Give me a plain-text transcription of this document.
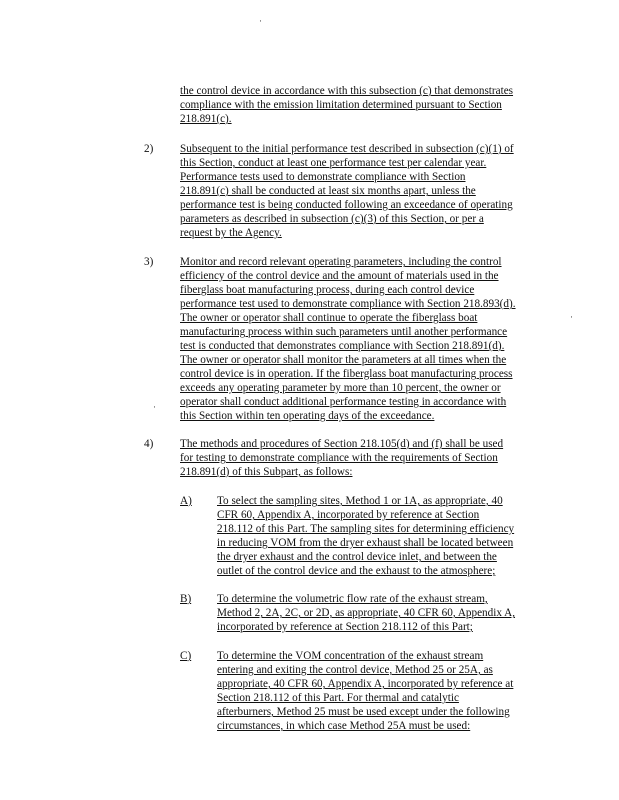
·
·
·
the control device in accordance with this subsection (c) that demonstrates
compliance with the emission limitation determined pursuant to Section
218.891(c).
2) Subsequent to the initial performance test described in subsection (c)(1) of
this Section, conduct at least one performance test per calendar year.
Performance tests used to demonstrate compliance with Section
218.891(c) shall be conducted at least six months apart, unless the
performance test is being conducted following an exceedance of operating
parameters as described in subsection (c)(3) of this Section, or per a
request by the Agency.
3) Monitor and record relevant operating parameters, including the control
efficiency of the control device and the amount of materials used in the
fiberglass boat manufacturing process, during each control device
performance test used to demonstrate compliance with Section 218.893(d).
The owner or operator shall continue to operate the fiberglass boat
manufacturing process within such parameters until another performance
test is conducted that demonstrates compliance with Section 218.891(d).
The owner or operator shall monitor the parameters at all times when the
control device is in operation. If the fiberglass boat manufacturing process
exceeds any operating parameter by more than 10 percent, the owner or
operator shall conduct additional performance testing in accordance with
this Section within ten operating days of the exceedance.
4) The methods and procedures of Section 218.105(d) and (f) shall be used
for testing to demonstrate compliance with the requirements of Section
218.891(d) of this Subpart, as follows:
A) To select the sampling sites, Method 1 or 1A, as appropriate, 40
CFR 60, Appendix A, incorporated by reference at Section
218.112 of this Part. The sampling sites for determining efficiency
in reducing VOM from the dryer exhaust shall be located between
the dryer exhaust and the control device inlet, and between the
outlet of the control device and the exhaust to the atmosphere;
B) To determine the volumetric flow rate of the exhaust stream,
Method 2, 2A, 2C, or 2D, as appropriate, 40 CFR 60, Appendix A,
incorporated by reference at Section 218.112 of this Part;
C) To determine the VOM concentration of the exhaust stream
entering and exiting the control device, Method 25 or 25A, as
appropriate, 40 CFR 60, Appendix A, incorporated by reference at
Section 218.112 of this Part. For thermal and catalytic
afterburners, Method 25 must be used except under the following
circumstances, in which case Method 25A must be used:
